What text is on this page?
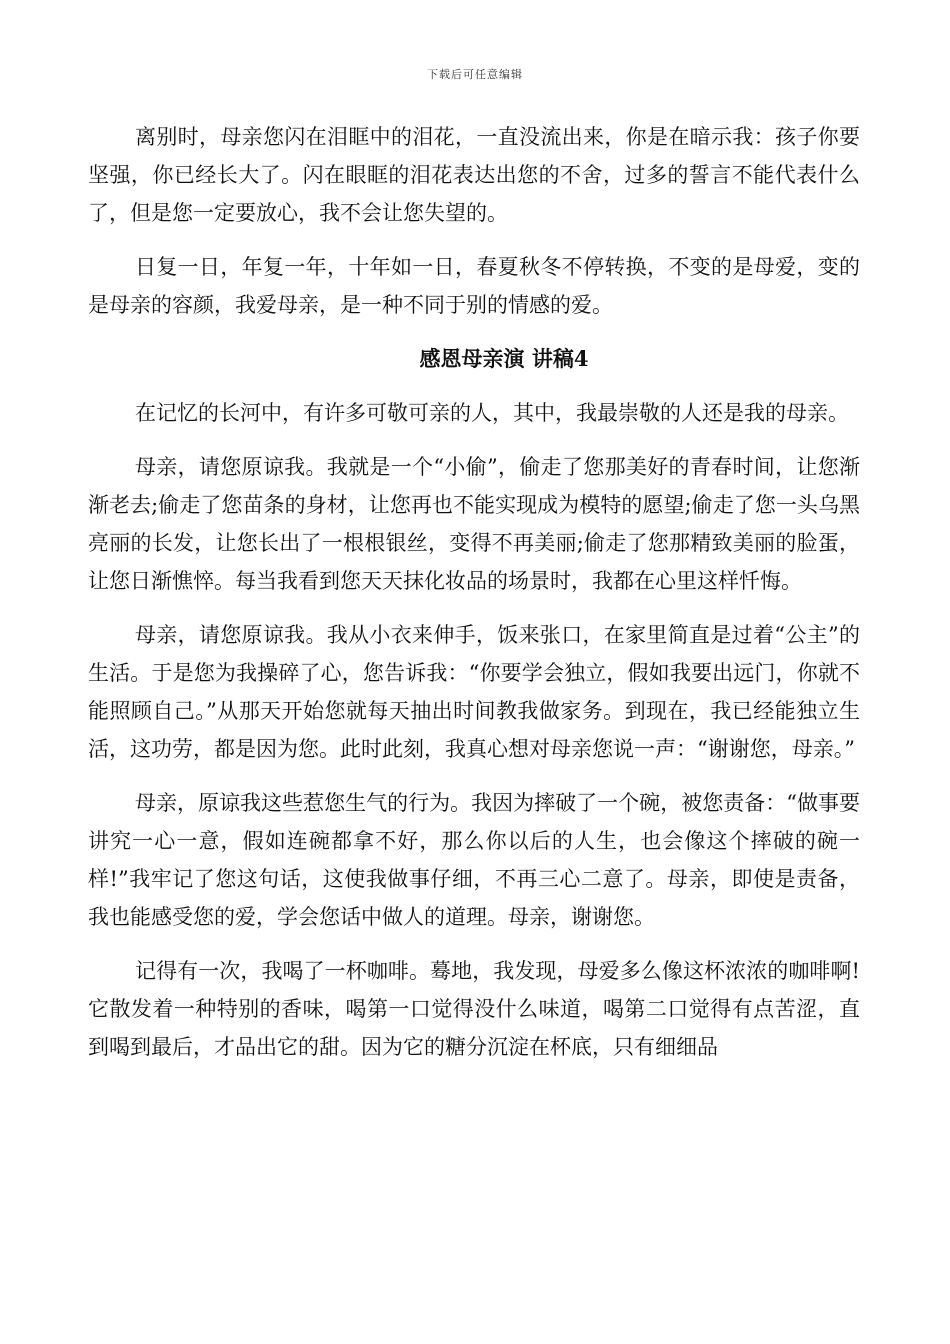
下载后可任意编辑

离别时，母亲您闪在泪眶中的泪花，一直没流出来，你是在暗示我：孩子你要坚强，你已经长大了。闪在眼眶的泪花表达出您的不舍，过多的誓言不能代表什么了，但是您一定要放心，我不会让您失望的。

日复一日，年复一年，十年如一日，春夏秋冬不停转换，不变的是母爱，变的是母亲的容颜，我爱母亲，是一种不同于别的情感的爱。

感恩母亲演 讲稿4

在记忆的长河中，有许多可敬可亲的人，其中，我最崇敬的人还是我的母亲。

母亲，请您原谅我。我就是一个“小偷”，偷走了您那美好的青春时间，让您渐渐老去;偷走了您苗条的身材，让您再也不能实现成为模特的愿望;偷走了您一头乌黑亮丽的长发，让您长出了一根根银丝，变得不再美丽;偷走了您那精致美丽的脸蛋，让您日渐憔悴。每当我看到您天天抹化妆品的场景时，我都在心里这样忏悔。

母亲，请您原谅我。我从小衣来伸手，饭来张口，在家里简直是过着“公主”的生活。于是您为我操碎了心，您告诉我：“你要学会独立，假如我要出远门，你就不能照顾自己。”从那天开始您就每天抽出时间教我做家务。到现在，我已经能独立生活，这功劳，都是因为您。此时此刻，我真心想对母亲您说一声：“谢谢您，母亲。”

母亲，原谅我这些惹您生气的行为。我因为摔破了一个碗，被您责备：“做事要讲究一心一意，假如连碗都拿不好，那么你以后的人生，也会像这个摔破的碗一样!”我牢记了您这句话，这使我做事仔细，不再三心二意了。母亲，即使是责备，我也能感受您的爱，学会您话中做人的道理。母亲，谢谢您。

记得有一次，我喝了一杯咖啡。蓦地，我发现，母爱多么像这杯浓浓的咖啡啊!它散发着一种特别的香味，喝第一口觉得没什么味道，喝第二口觉得有点苦涩，直到喝到最后，才品出它的甜。因为它的糖分沉淀在杯底，只有细细品
